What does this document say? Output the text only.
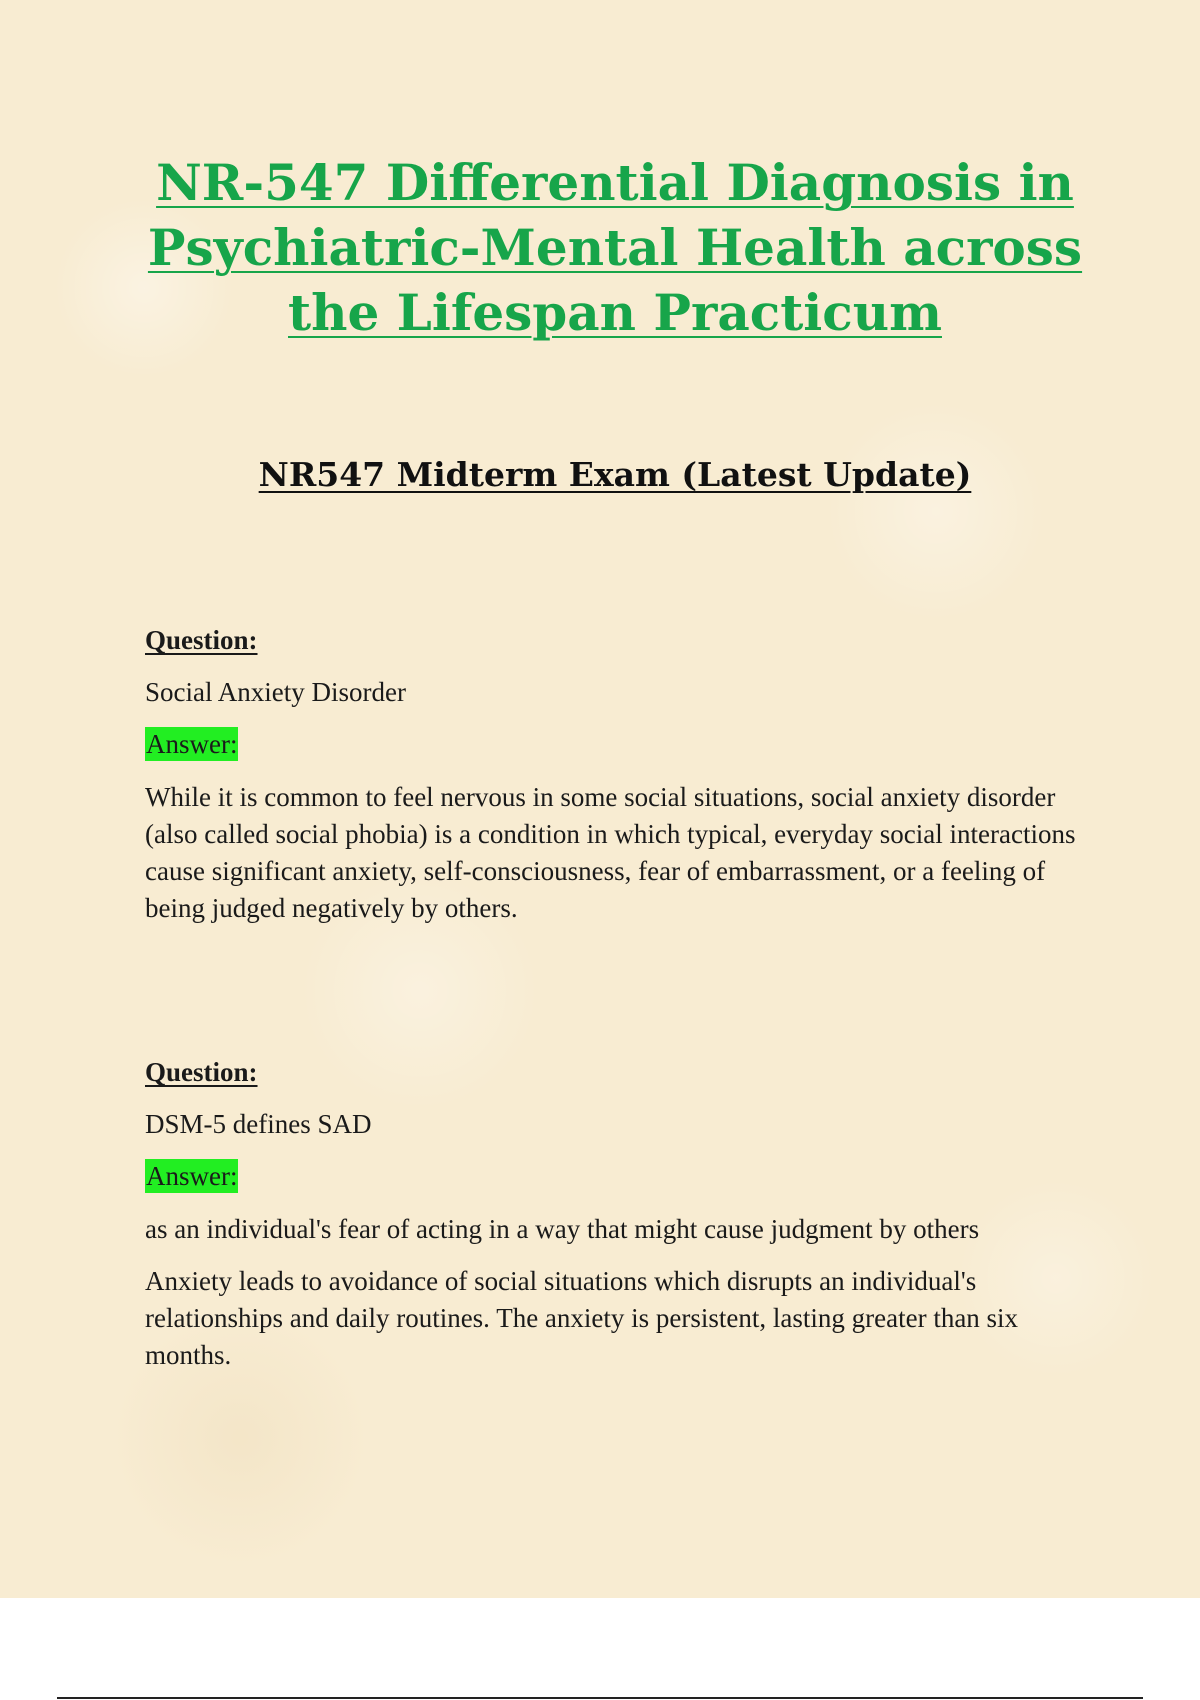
NR-547 Differential Diagnosis in
Psychiatric-Mental Health across
the Lifespan Practicum
NR547 Midterm Exam (Latest Update)
Question:
Social Anxiety Disorder
Answer:
While it is common to feel nervous in some social situations, social anxiety disorder (also called social phobia) is a condition in which typical, everyday social interactions cause significant anxiety, self-consciousness, fear of embarrassment, or a feeling of being judged negatively by others.
Question:
DSM-5 defines SAD
Answer:
as an individual's fear of acting in a way that might cause judgment by others
Anxiety leads to avoidance of social situations which disrupts an individual's relationships and daily routines. The anxiety is persistent, lasting greater than six months.
